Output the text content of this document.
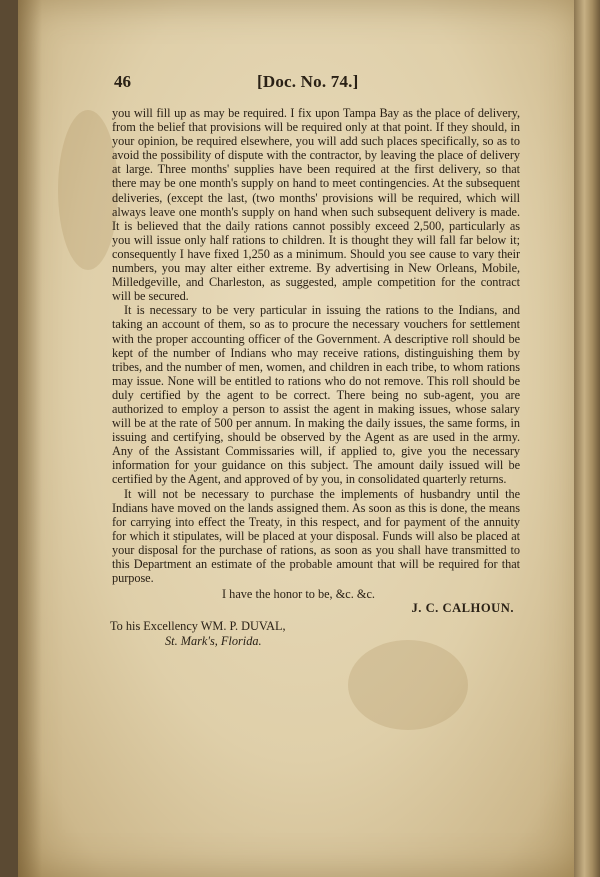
46	[Doc. No. 74.]

you will fill up as may be required. I fix upon Tampa Bay as the place of delivery, from the belief that provisions will be required only at that point. If they should, in your opinion, be required elsewhere, you will add such places specifically, so as to avoid the possibility of dispute with the contractor, by leaving the place of delivery at large. Three months' supplies have been required at the first delivery, so that there may be one month's supply on hand to meet contingencies. At the subsequent deliveries, (except the last, (two months' provisions will be required, which will always leave one month's supply on hand when such subsequent delivery is made. It is believed that the daily rations cannot possibly exceed 2,500, particularly as you will issue only half rations to children. It is thought they will fall far below it; consequently I have fixed 1,250 as a minimum. Should you see cause to vary their numbers, you may alter either extreme. By advertising in New Orleans, Mobile, Milledgeville, and Charleston, as suggested, ample competition for the contract will be secured.

It is necessary to be very particular in issuing the rations to the Indians, and taking an account of them, so as to procure the necessary vouchers for settlement with the proper accounting officer of the Government. A descriptive roll should be kept of the number of Indians who may receive rations, distinguishing them by tribes, and the number of men, women, and children in each tribe, to whom rations may issue. None will be entitled to rations who do not remove. This roll should be duly certified by the agent to be correct. There being no sub-agent, you are authorized to employ a person to assist the agent in making issues, whose salary will be at the rate of 500 per annum. In making the daily issues, the same forms, in issuing and certifying, should be observed by the Agent as are used in the army. Any of the Assistant Commissaries will, if applied to, give you the necessary information for your guidance on this subject. The amount daily issued will be certified by the Agent, and approved of by you, in consolidated quarterly returns.

It will not be necessary to purchase the implements of husbandry until the Indians have moved on the lands assigned them. As soon as this is done, the means for carrying into effect the Treaty, in this respect, and for payment of the annuity for which it stipulates, will be placed at your disposal. Funds will also be placed at your disposal for the purchase of rations, as soon as you shall have transmitted to this Department an estimate of the probable amount that will be required for that purpose.

I have the honor to be, &c. &c.
J. C. CALHOUN.
To his Excellency WM. P. DUVAL,
St. Mark's, Florida.
